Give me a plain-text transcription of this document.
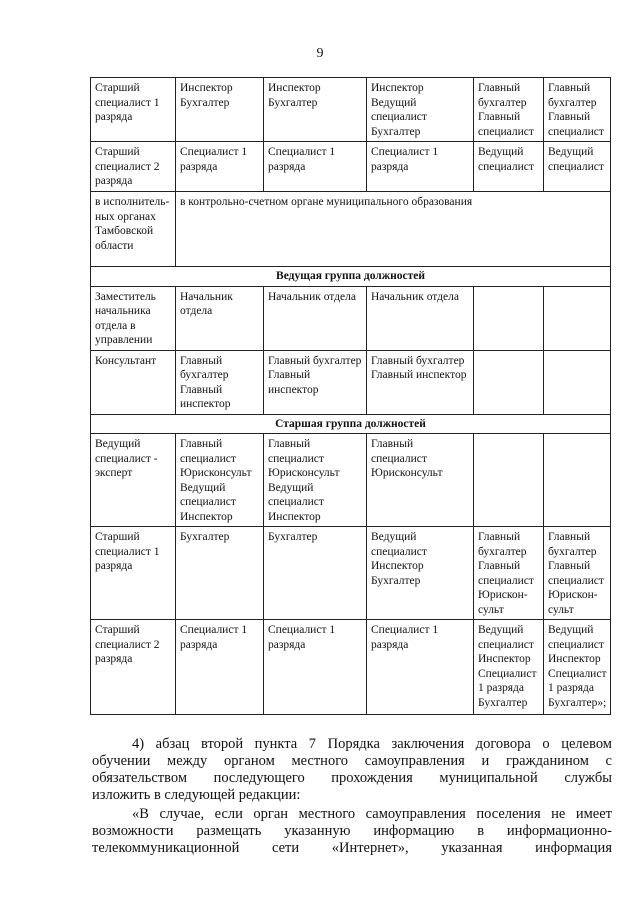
9
Старший специалист 1 разряда	Инспектор Бухгалтер	Инспектор Бухгалтер	Инспектор Ведущий специалист Бухгалтер	Главный бухгалтер Главный специалист	Главный бухгалтер Главный специалист
Старший специалист 2 разряда	Специалист 1 разряда	Специалист 1 разряда	Специалист 1 разряда	Ведущий специалист	Ведущий специалист
в исполнитель-ных органах Тамбовской области	в контрольно-счетном органе муниципального образования				
Ведущая группа должностей					
Заместитель начальника отдела в управлении	Начальник отдела	Начальник отдела	Начальник отдела		
Консультант	Главный бухгалтер Главный инспектор	Главный бухгалтер Главный инспектор	Главный бухгалтер Главный инспектор		
Старшая группа должностей					
Ведущий специалист - эксперт	Главный специалист Юрисконсульт Ведущий специалист Инспектор	Главный специалист Юрисконсульт Ведущий специалист Инспектор	Главный специалист Юрисконсульт		
Старший специалист 1 разряда	Бухгалтер	Бухгалтер	Ведущий специалист Инспектор Бухгалтер	Главный бухгалтер Главный специалист Юрискон-сульт	Главный бухгалтер Главный специалист Юрискон-сульт
Старший специалист 2 разряда	Специалист 1 разряда	Специалист 1 разряда	Специалист 1 разряда	Ведущий специалист Инспектор Специалист 1 разряда Бухгалтер	Ведущий специалист Инспектор Специалист 1 разряда Бухгалтер»;
4) абзац второй пункта 7 Порядка заключения договора о целевом
обучении между органом местного самоуправления и гражданином с
обязательством последующего прохождения муниципальной службы
изложить в следующей редакции:
«В случае, если орган местного самоуправления поселения не имеет
возможности размещать указанную информацию в информационно-
телекоммуникационной сети «Интернет», указанная информация
